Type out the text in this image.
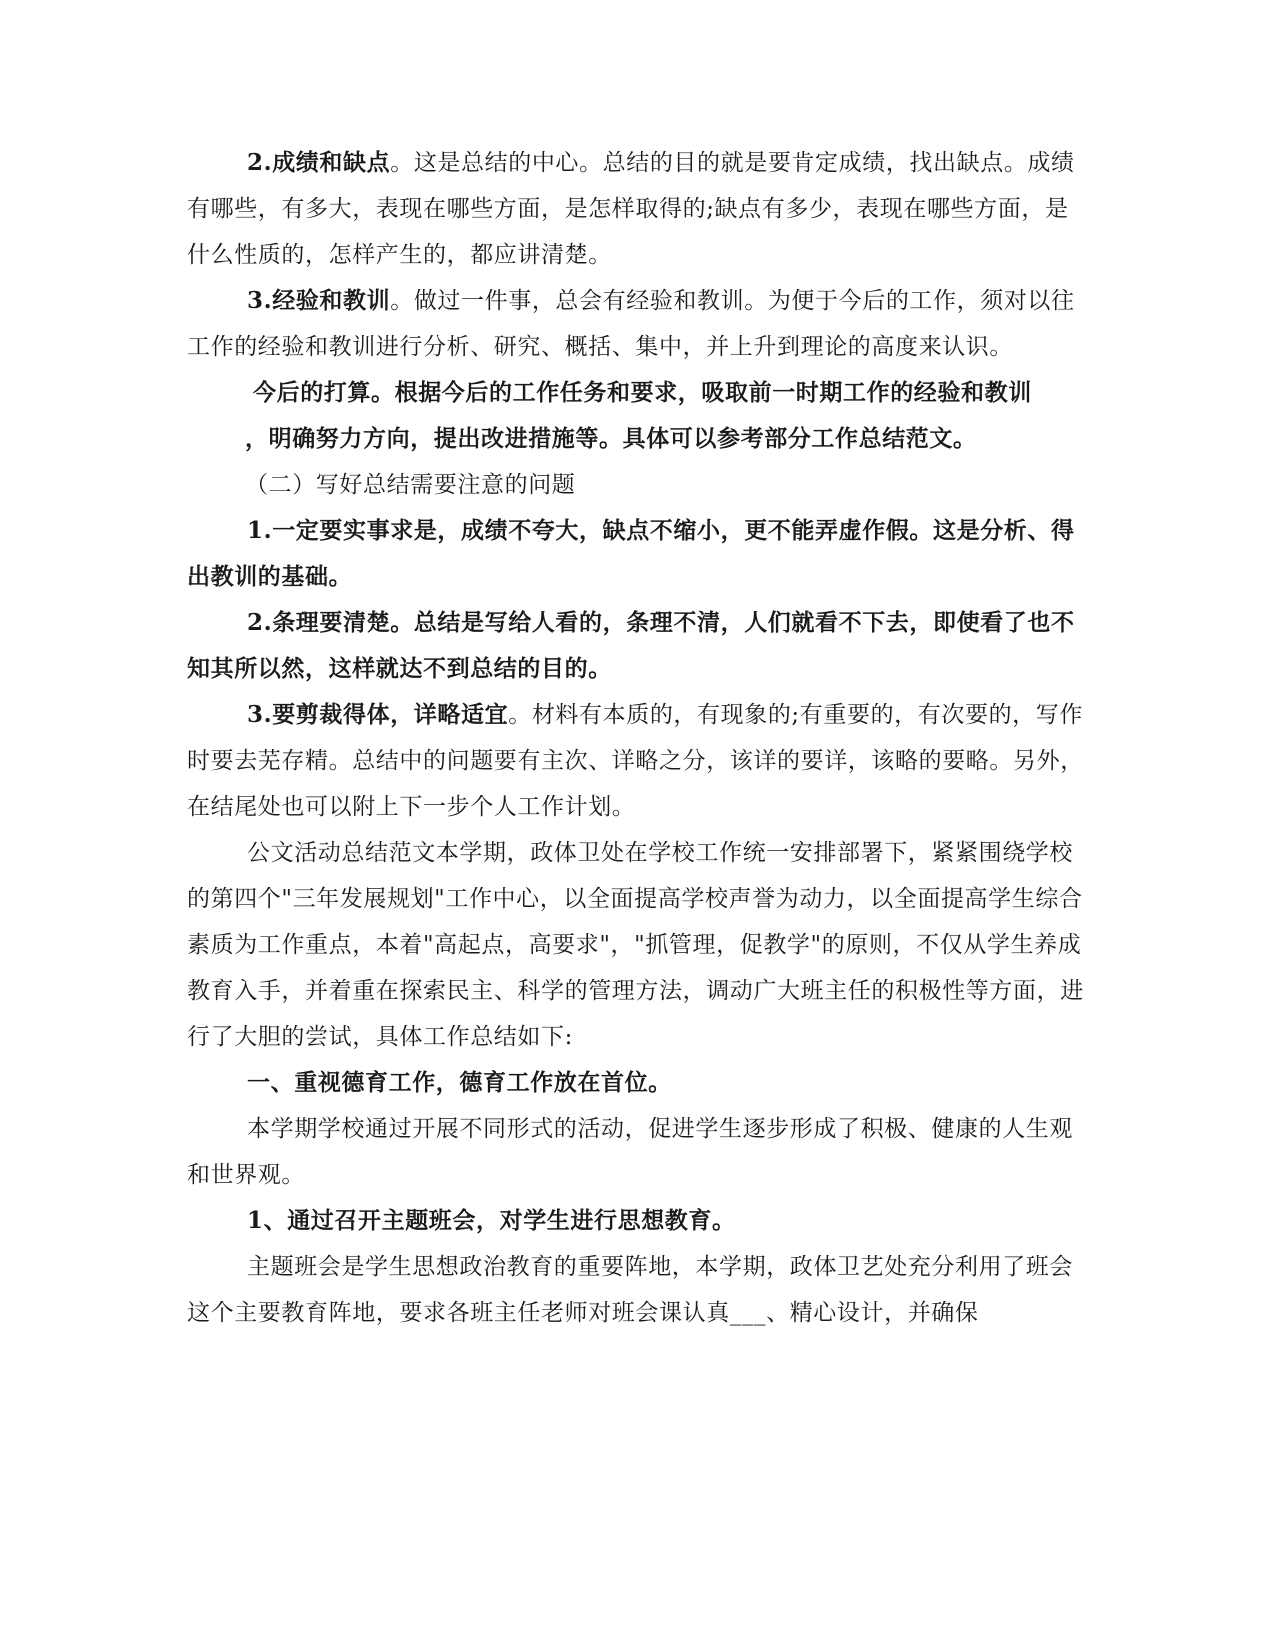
2.成绩和缺点。这是总结的中心。总结的目的就是要肯定成绩，找出缺点。成绩有哪些，有多大，表现在哪些方面，是怎样取得的;缺点有多少，表现在哪些方面，是什么性质的，怎样产生的，都应讲清楚。

3.经验和教训。做过一件事，总会有经验和教训。为便于今后的工作，须对以往工作的经验和教训进行分析、研究、概括、集中，并上升到理论的高度来认识。

今后的打算。根据今后的工作任务和要求，吸取前一时期工作的经验和教训
，明确努力方向，提出改进措施等。具体可以参考部分工作总结范文。

（二）写好总结需要注意的问题

1.一定要实事求是，成绩不夸大，缺点不缩小，更不能弄虚作假。这是分析、得出教训的基础。

2.条理要清楚。总结是写给人看的，条理不清，人们就看不下去，即使看了也不知其所以然，这样就达不到总结的目的。

3.要剪裁得体，详略适宜。材料有本质的，有现象的;有重要的，有次要的，写作时要去芜存精。总结中的问题要有主次、详略之分，该详的要详，该略的要略。另外，在结尾处也可以附上下一步个人工作计划。

公文活动总结范文本学期，政体卫处在学校工作统一安排部署下，紧紧围绕学校的第四个"三年发展规划"工作中心，以全面提高学校声誉为动力，以全面提高学生综合素质为工作重点，本着"高起点，高要求"，"抓管理，促教学"的原则，不仅从学生养成教育入手，并着重在探索民主、科学的管理方法，调动广大班主任的积极性等方面，进行了大胆的尝试，具体工作总结如下:

一、重视德育工作，德育工作放在首位。

本学期学校通过开展不同形式的活动，促进学生逐步形成了积极、健康的人生观和世界观。

1、通过召开主题班会，对学生进行思想教育。

主题班会是学生思想政治教育的重要阵地，本学期，政体卫艺处充分利用了班会这个主要教育阵地，要求各班主任老师对班会课认真___、精心设计，并确保
